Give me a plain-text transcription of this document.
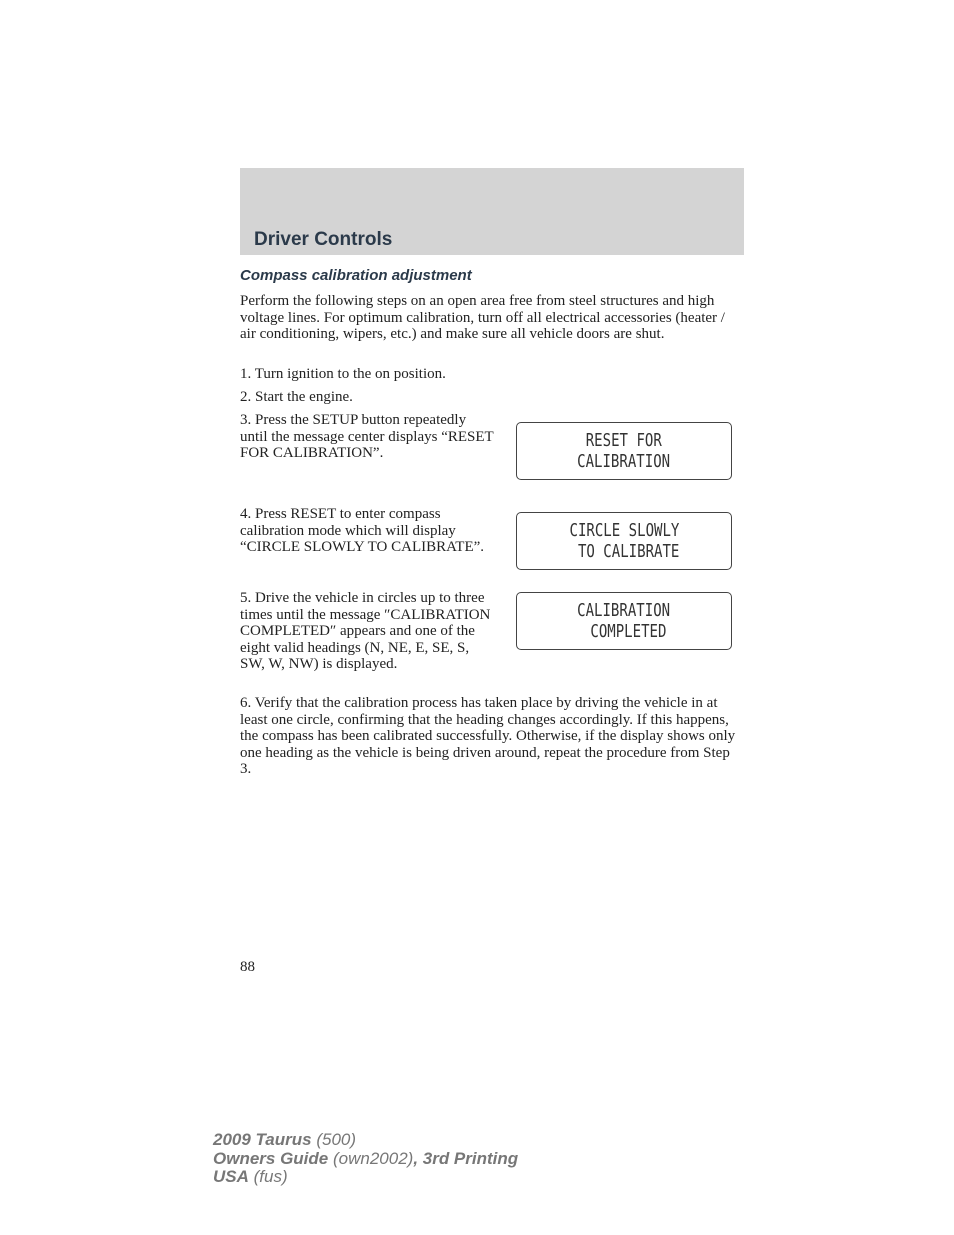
Driver Controls
Compass calibration adjustment

Perform the following steps on an open area free from steel structures and high voltage lines. For optimum calibration, turn off all electrical accessories (heater / air conditioning, wipers, etc.) and make sure all vehicle doors are shut.

1. Turn ignition to the on position.

2. Start the engine.

3. Press the SETUP button repeatedly until the message center displays “RESET FOR CALIBRATION”.

4. Press RESET to enter compass calibration mode which will display “CIRCLE SLOWLY TO CALIBRATE”.

5. Drive the vehicle in circles up to three times until the message ″CALIBRATION COMPLETED″ appears and one of the eight valid headings (N, NE, E, SE, S, SW, W, NW) is displayed.

6. Verify that the calibration process has taken place by driving the vehicle in at least one circle, confirming that the heading changes accordingly. If this happens, the compass has been calibrated successfully. Otherwise, if the display shows only one heading as the vehicle is being driven around, repeat the procedure from Step 3.

RESET FOR
CALIBRATION
CIRCLE SLOWLY
TO CALIBRATE
CALIBRATION
COMPLETED

88

2009 Taurus (500)
Owners Guide (own2002), 3rd Printing
USA (fus)
